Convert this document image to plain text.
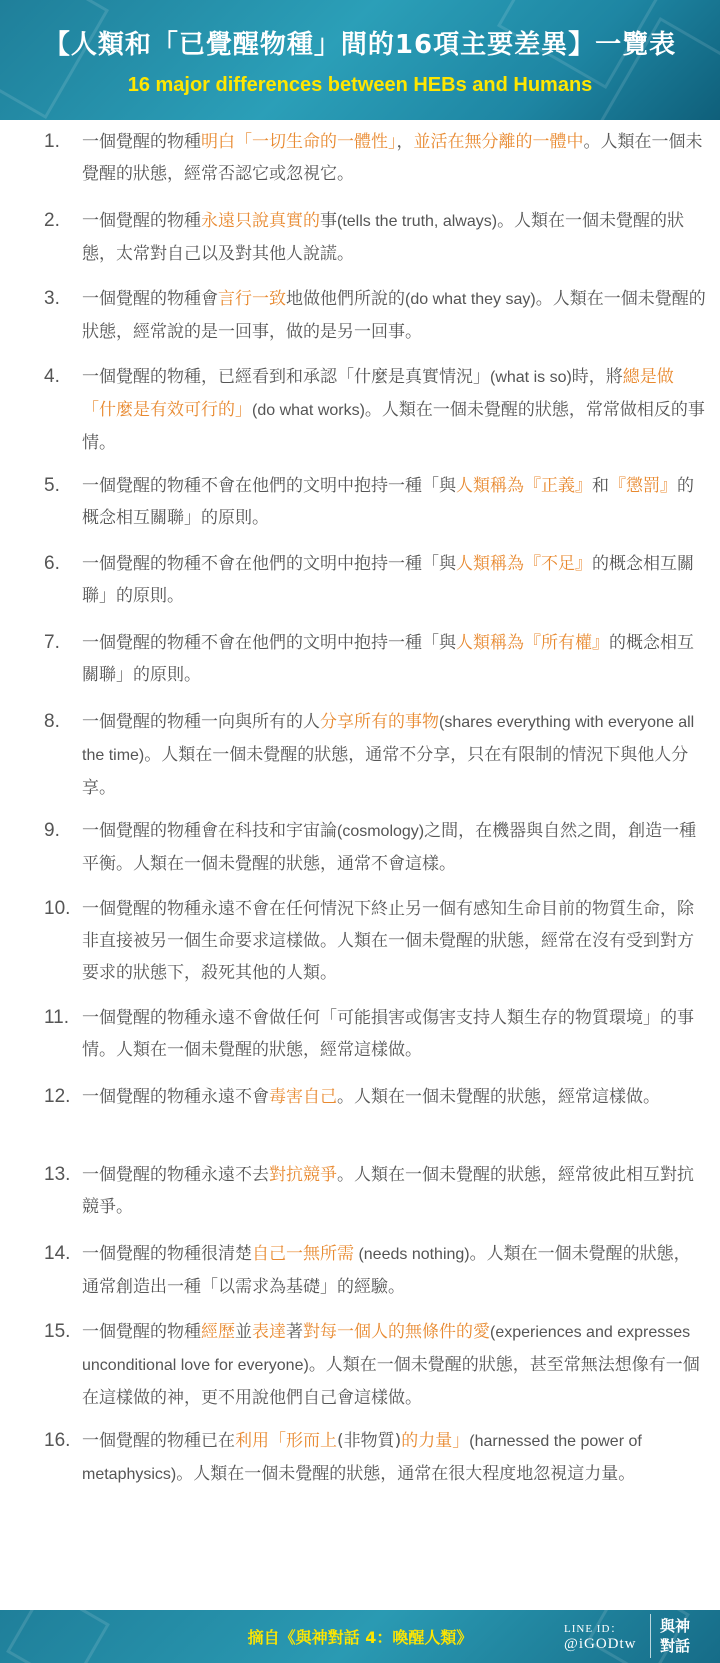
【人類和「已覺醒物種」間的16項主要差異】一覽表
16 major differences between HEBs and Humans
1. 一個覺醒的物種明白「一切生命的一體性」，並活在無分離的一體中。人類在一個未覺醒的狀態，經常否認它或忽視它。
2. 一個覺醒的物種永遠只說真實的事(tells the truth, always)。人類在一個未覺醒的狀態，太常對自己以及對其他人說謊。
3. 一個覺醒的物種會言行一致地做他們所說的(do what they say)。人類在一個未覺醒的狀態，經常說的是一回事，做的是另一回事。
4. 一個覺醒的物種，已經看到和承認「什麼是真實情況」(what is so)時，將總是做「什麼是有效可行的」(do what works)。人類在一個未覺醒的狀態，常常做相反的事情。
5. 一個覺醒的物種不會在他們的文明中抱持一種「與人類稱為『正義』和『懲罰』的概念相互關聯」的原則。
6. 一個覺醒的物種不會在他們的文明中抱持一種「與人類稱為『不足』的概念相互關聯」的原則。
7. 一個覺醒的物種不會在他們的文明中抱持一種「與人類稱為『所有權』的概念相互關聯」的原則。
8. 一個覺醒的物種一向與所有的人分享所有的事物(shares everything with everyone all the time)。人類在一個未覺醒的狀態，通常不分享，只在有限制的情況下與他人分享。
9. 一個覺醒的物種會在科技和宇宙論(cosmology)之間，在機器與自然之間，創造一種平衡。人類在一個未覺醒的狀態，通常不會這樣。
10. 一個覺醒的物種永遠不會在任何情況下終止另一個有感知生命目前的物質生命，除非直接被另一個生命要求這樣做。人類在一個未覺醒的狀態，經常在沒有受到對方要求的狀態下，殺死其他的人類。
11. 一個覺醒的物種永遠不會做任何「可能損害或傷害支持人類生存的物質環境」的事情。人類在一個未覺醒的狀態，經常這樣做。
12. 一個覺醒的物種永遠不會毒害自己。人類在一個未覺醒的狀態，經常這樣做。
13. 一個覺醒的物種永遠不去對抗競爭。人類在一個未覺醒的狀態，經常彼此相互對抗競爭。
14. 一個覺醒的物種很清楚自己一無所需 (needs nothing)。人類在一個未覺醒的狀態，通常創造出一種「以需求為基礎」的經驗。
15. 一個覺醒的物種經歷並表達著對每一個人的無條件的愛(experiences and expresses unconditional love for everyone)。人類在一個未覺醒的狀態，甚至常無法想像有一個在這樣做的神，更不用說他們自己會這樣做。
16. 一個覺醒的物種已在利用「形而上(非物質)的力量」(harnessed the power of metaphysics)。人類在一個未覺醒的狀態，通常在很大程度地忽視這力量。
摘自《與神對話 4：喚醒人類》	LINE ID：
@iGODtw
與神對話
